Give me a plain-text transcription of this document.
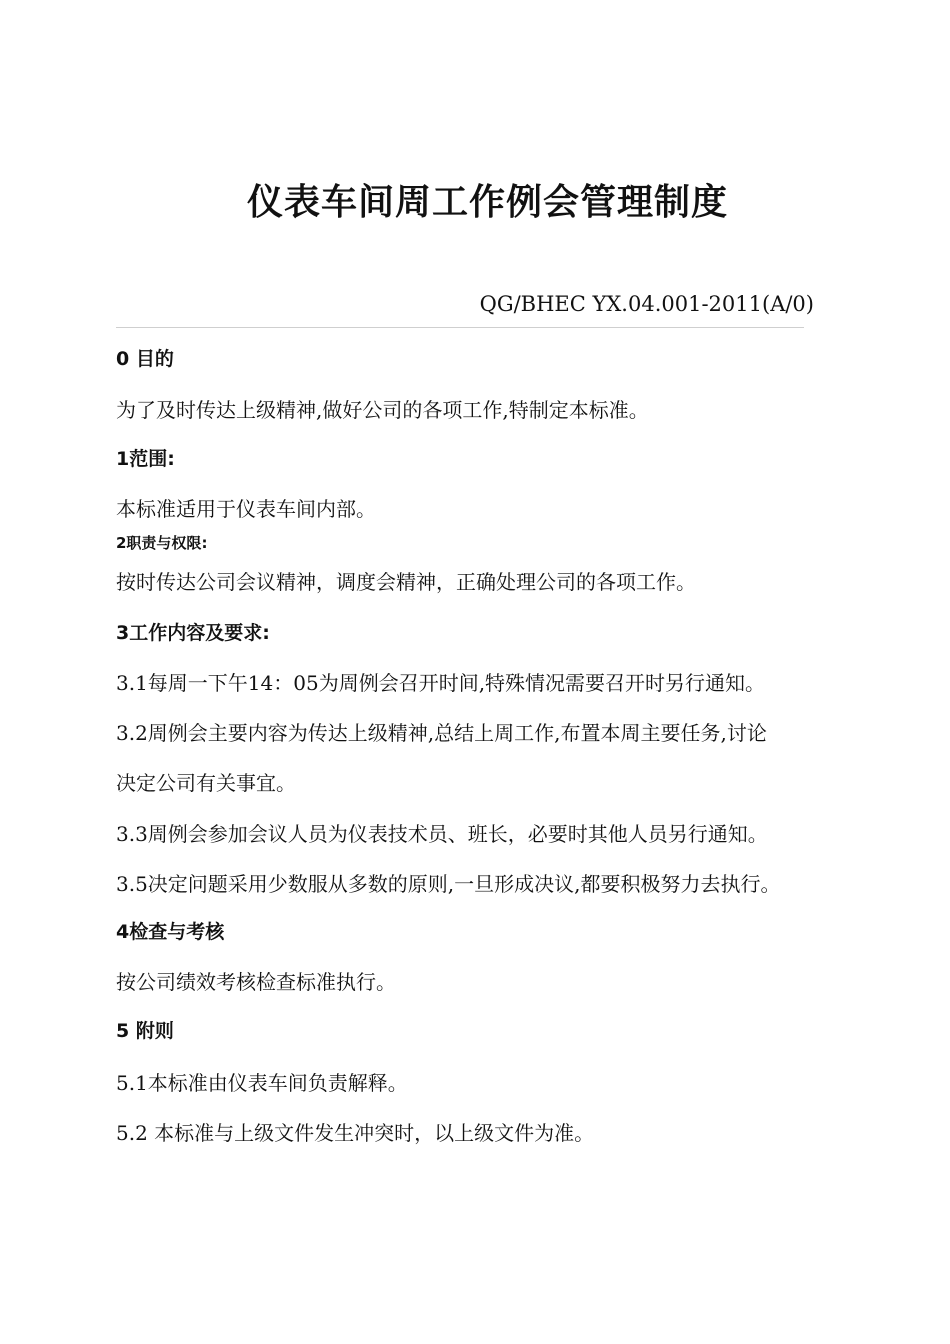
仪表车间周工作例会管理制度
QG/BHEC YX.04.001-2011(A/0)
0 目的
为了及时传达上级精神,做好公司的各项工作,特制定本标准。
1范围:
本标准适用于仪表车间内部。
2职责与权限:
按时传达公司会议精神，调度会精神，正确处理公司的各项工作。
3工作内容及要求:
3.1每周一下午14：05为周例会召开时间,特殊情况需要召开时另行通知。
3.2周例会主要内容为传达上级精神,总结上周工作,布置本周主要任务,讨论
决定公司有关事宜。
3.3周例会参加会议人员为仪表技术员、班长，必要时其他人员另行通知。
3.5决定问题采用少数服从多数的原则,一旦形成决议,都要积极努力去执行。
4检查与考核
按公司绩效考核检查标准执行。
5 附则
5.1本标准由仪表车间负责解释。
5.2 本标准与上级文件发生冲突时，以上级文件为准。
